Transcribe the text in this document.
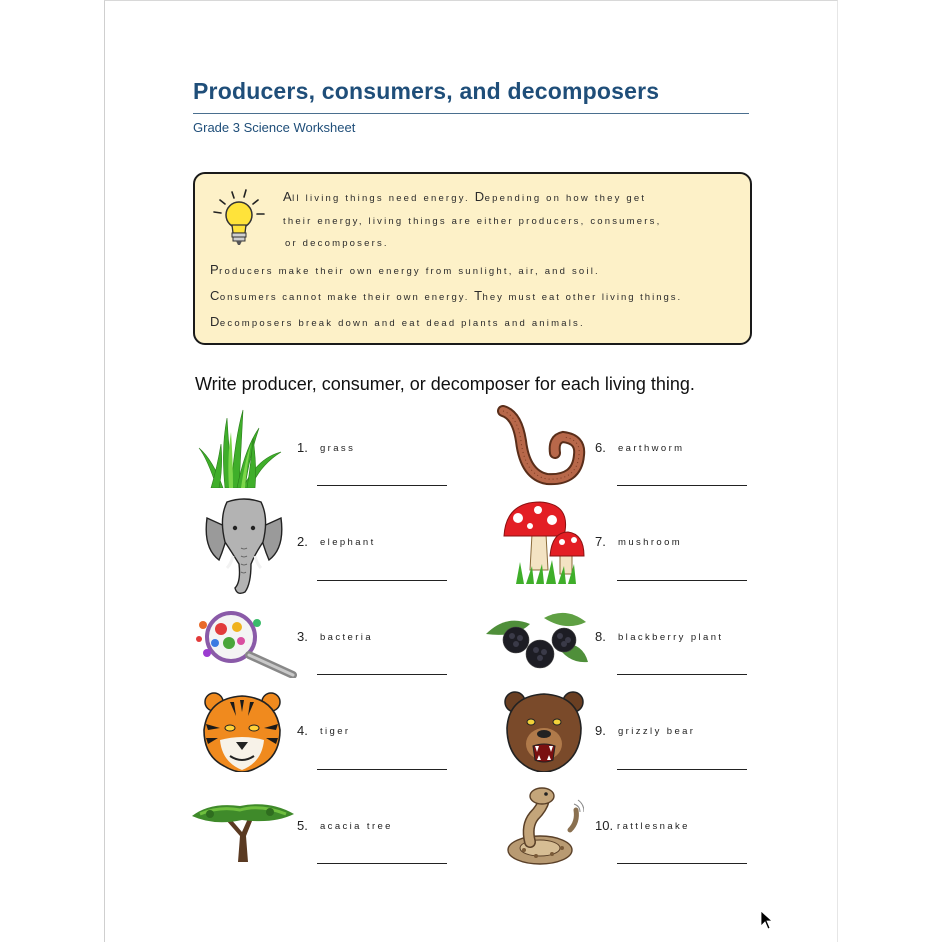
Producers, consumers, and decomposers
Grade 3 Science Worksheet
All living things need energy. Depending on how they get
their energy, living things are either producers, consumers,
or decomposers.
Producers make their own energy from sunlight, air, and soil.
Consumers cannot make their own energy. They must eat other living things.
Decomposers break down and eat dead plants and animals.
Write producer, consumer, or decomposer for each living thing.
1. grass
2. elephant
3. bacteria
4. tiger
5. acacia tree
6. earthworm
7. mushroom
8. blackberry plant
9. grizzly bear
10. rattlesnake
